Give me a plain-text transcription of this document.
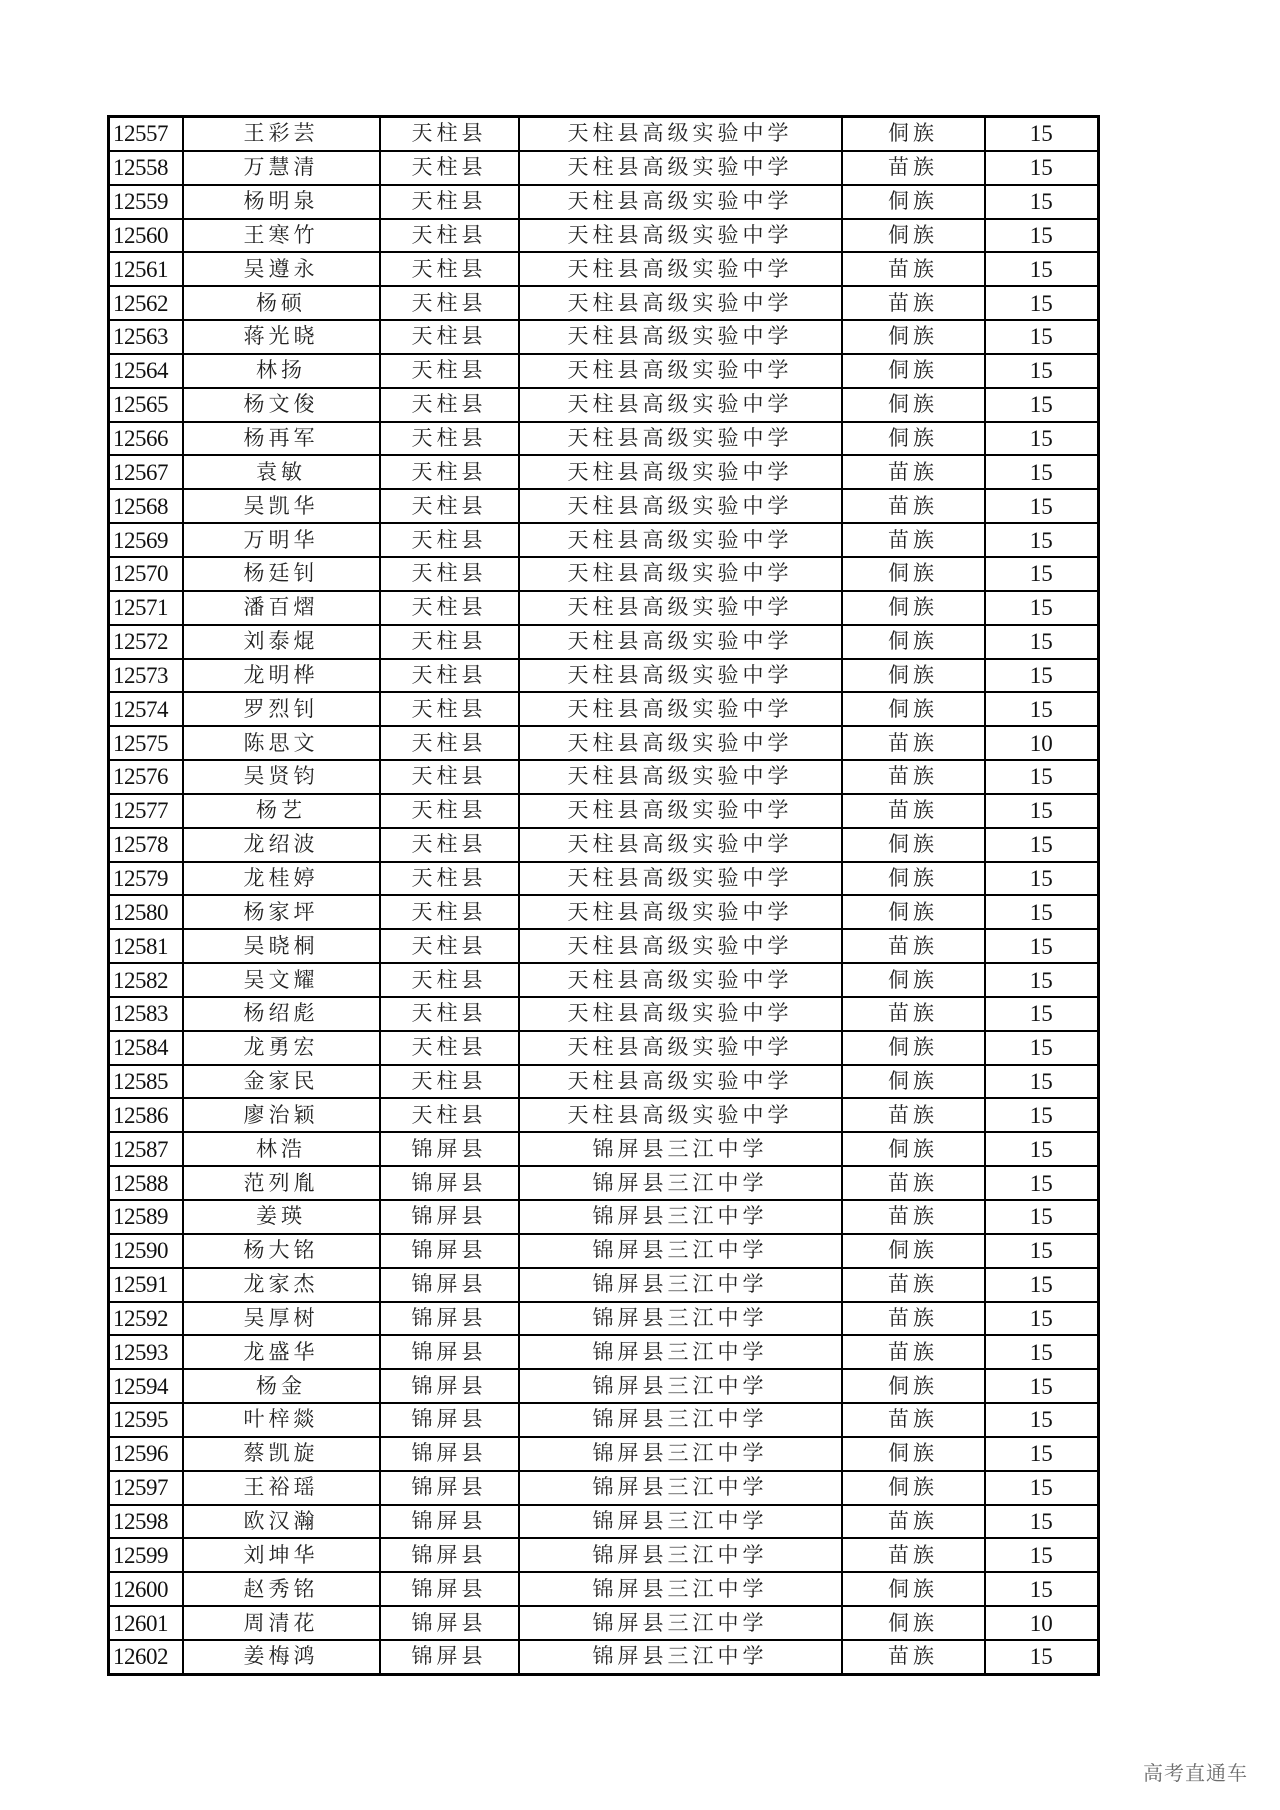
12557	王彩芸	天柱县	天柱县高级实验中学	侗族	15
12558	万慧清	天柱县	天柱县高级实验中学	苗族	15
12559	杨明泉	天柱县	天柱县高级实验中学	侗族	15
12560	王寒竹	天柱县	天柱县高级实验中学	侗族	15
12561	吴遵永	天柱县	天柱县高级实验中学	苗族	15
12562	杨硕	天柱县	天柱县高级实验中学	苗族	15
12563	蒋光晓	天柱县	天柱县高级实验中学	侗族	15
12564	林扬	天柱县	天柱县高级实验中学	侗族	15
12565	杨文俊	天柱县	天柱县高级实验中学	侗族	15
12566	杨再军	天柱县	天柱县高级实验中学	侗族	15
12567	袁敏	天柱县	天柱县高级实验中学	苗族	15
12568	吴凯华	天柱县	天柱县高级实验中学	苗族	15
12569	万明华	天柱县	天柱县高级实验中学	苗族	15
12570	杨廷钊	天柱县	天柱县高级实验中学	侗族	15
12571	潘百熠	天柱县	天柱县高级实验中学	侗族	15
12572	刘泰焜	天柱县	天柱县高级实验中学	侗族	15
12573	龙明桦	天柱县	天柱县高级实验中学	侗族	15
12574	罗烈钊	天柱县	天柱县高级实验中学	侗族	15
12575	陈思文	天柱县	天柱县高级实验中学	苗族	10
12576	吴贤钧	天柱县	天柱县高级实验中学	苗族	15
12577	杨艺	天柱县	天柱县高级实验中学	苗族	15
12578	龙绍波	天柱县	天柱县高级实验中学	侗族	15
12579	龙桂婷	天柱县	天柱县高级实验中学	侗族	15
12580	杨家坪	天柱县	天柱县高级实验中学	侗族	15
12581	吴晓桐	天柱县	天柱县高级实验中学	苗族	15
12582	吴文耀	天柱县	天柱县高级实验中学	侗族	15
12583	杨绍彪	天柱县	天柱县高级实验中学	苗族	15
12584	龙勇宏	天柱县	天柱县高级实验中学	侗族	15
12585	金家民	天柱县	天柱县高级实验中学	侗族	15
12586	廖治颖	天柱县	天柱县高级实验中学	苗族	15
12587	林浩	锦屏县	锦屏县三江中学	侗族	15
12588	范列胤	锦屏县	锦屏县三江中学	苗族	15
12589	姜瑛	锦屏县	锦屏县三江中学	苗族	15
12590	杨大铭	锦屏县	锦屏县三江中学	侗族	15
12591	龙家杰	锦屏县	锦屏县三江中学	苗族	15
12592	吴厚树	锦屏县	锦屏县三江中学	苗族	15
12593	龙盛华	锦屏县	锦屏县三江中学	苗族	15
12594	杨金	锦屏县	锦屏县三江中学	侗族	15
12595	叶梓燚	锦屏县	锦屏县三江中学	苗族	15
12596	蔡凯旋	锦屏县	锦屏县三江中学	侗族	15
12597	王裕瑶	锦屏县	锦屏县三江中学	侗族	15
12598	欧汉瀚	锦屏县	锦屏县三江中学	苗族	15
12599	刘坤华	锦屏县	锦屏县三江中学	苗族	15
12600	赵秀铭	锦屏县	锦屏县三江中学	侗族	15
12601	周清花	锦屏县	锦屏县三江中学	侗族	10
12602	姜梅鸿	锦屏县	锦屏县三江中学	苗族	15
高考直通车
